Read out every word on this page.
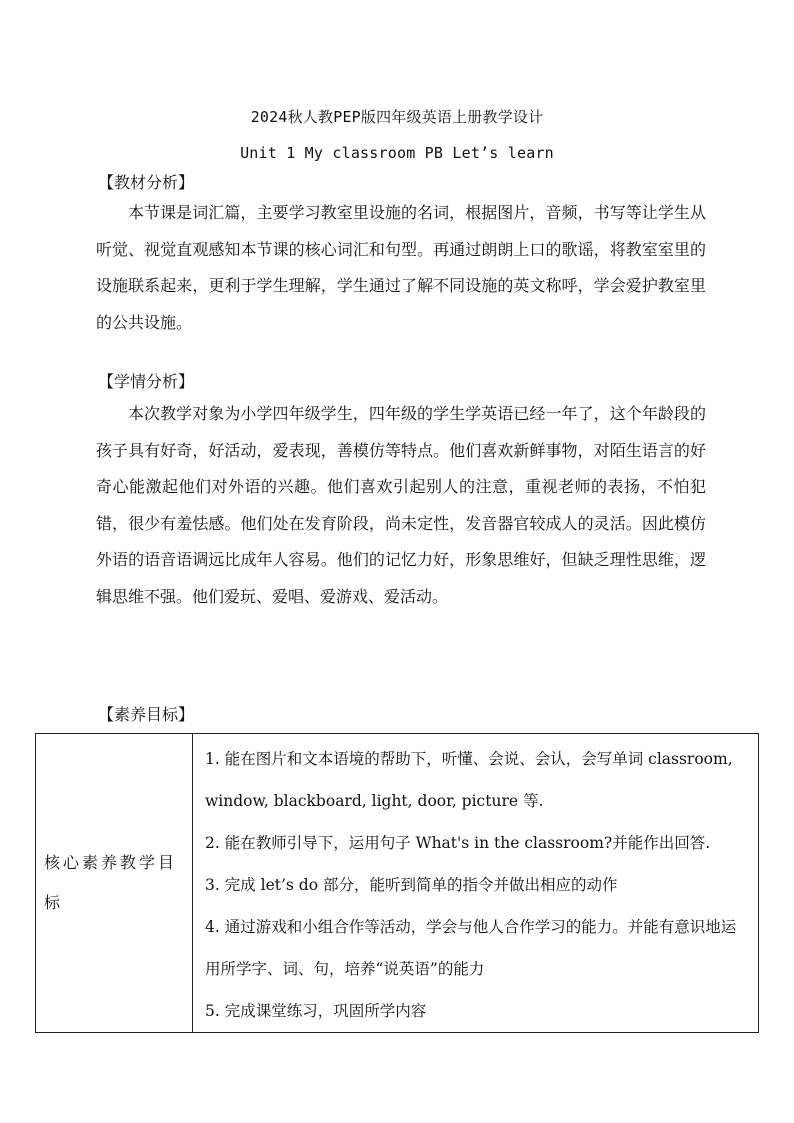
2024秋人教PEP版四年级英语上册教学设计
Unit 1 My classroom PB Let’s learn
【教材分析】

本节课是词汇篇，主要学习教室里设施的名词，根据图片，音频，书写等让学生从听觉、视觉直观感知本节课的核心词汇和句型。再通过朗朗上口的歌谣，将教室室里的设施联系起来，更利于学生理解，学生通过了解不同设施的英文称呼，学会爱护教室里的公共设施。

【学情分析】

本次教学对象为小学四年级学生，四年级的学生学英语已经一年了，这个年龄段的孩子具有好奇，好活动，爱表现，善模仿等特点。他们喜欢新鲜事物，对陌生语言的好奇心能激起他们对外语的兴趣。他们喜欢引起别人的注意，重视老师的表扬，不怕犯错，很少有羞怯感。他们处在发育阶段，尚未定性，发音器官较成人的灵活。因此模仿外语的语音语调远比成年人容易。他们的记忆力好，形象思维好，但缺乏理性思维，逻辑思维不强。他们爱玩、爱唱、爱游戏、爱活动。

【素养目标】
核心素养教学目标	
1. 能在图片和文本语境的帮助下，听懂、会说、会认，会写单词 classroom, window, blackboard, light, door, picture 等.
2. 能在教师引导下，运用句子 What's in the classroom?并能作出回答.
3. 完成 let’s do 部分，能听到简单的指令并做出相应的动作
4. 通过游戏和小组合作等活动，学会与他人合作学习的能力。并能有意识地运用所学字、词、句，培养“说英语”的能力
5. 完成课堂练习，巩固所学内容
